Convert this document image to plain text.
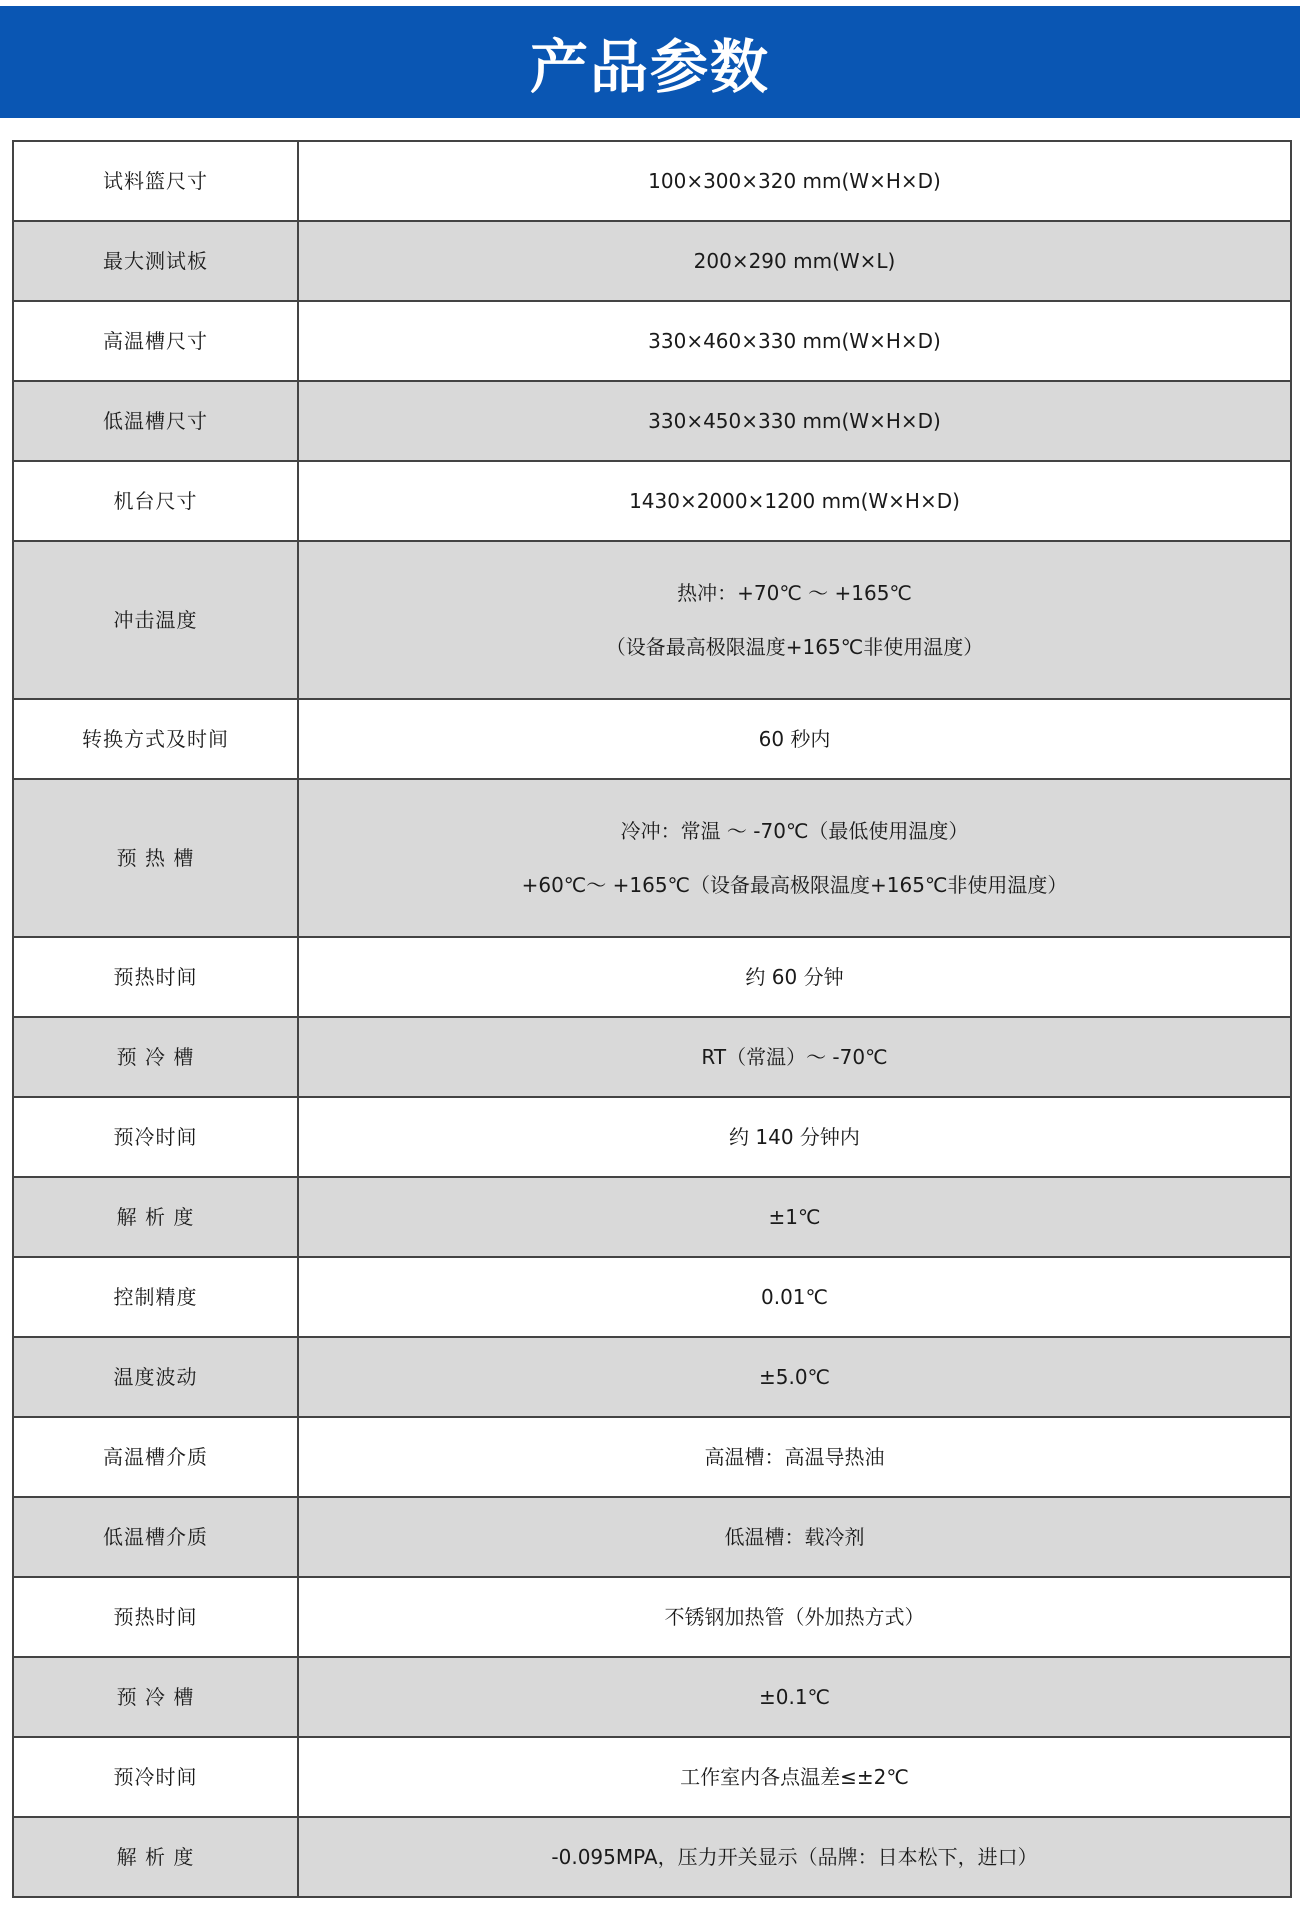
产品参数
试料篮尺寸	100×300×320 mm(W×H×D)
最大测试板	200×290 mm(W×L)
高温槽尺寸	330×460×330 mm(W×H×D)
低温槽尺寸	330×450×330 mm(W×H×D)
机台尺寸	1430×2000×1200 mm(W×H×D)
冲击温度	热冲：+70℃ ～ +165℃
（设备最高极限温度+165℃非使用温度）

转换方式及时间	60 秒内
预 热 槽	冷冲：常温 ～ -70℃（最低使用温度）
+60℃～ +165℃（设备最高极限温度+165℃非使用温度）

预热时间	约 60 分钟
预 冷 槽	RT（常温）～ -70℃
预冷时间	约 140 分钟内
解 析 度	±1℃
控制精度	0.01℃
温度波动	±5.0℃
高温槽介质	高温槽：高温导热油
低温槽介质	低温槽：载冷剂
预热时间	不锈钢加热管（外加热方式）
预 冷 槽	±0.1℃
预冷时间	工作室内各点温差≤±2℃
解 析 度	-0.095MPA，压力开关显示（品牌：日本松下，进口）
